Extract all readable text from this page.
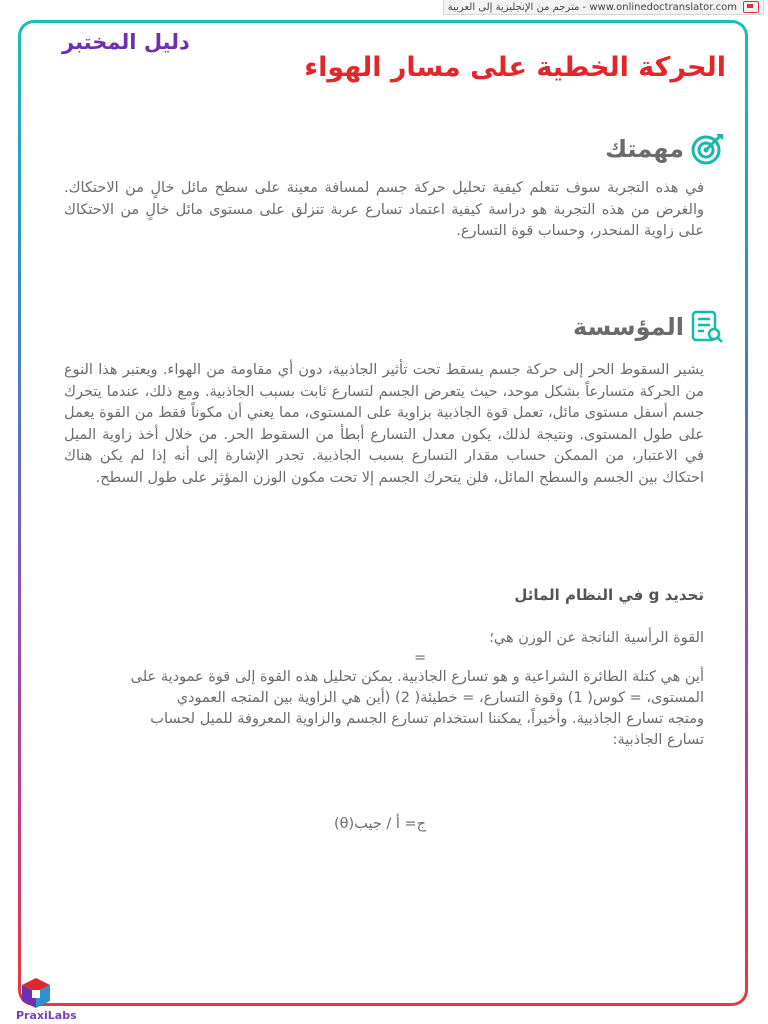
www.onlinedoctranslator.com - مترجم من الإنجليزية إلى العربية
دليل المختبر
الحركة الخطية على مسار الهواء
مهمتك
في هذه التجربة سوف تتعلم كيفية تحليل حركة جسم لمسافة معينة على سطح مائل خالٍ من الاحتكاك. والغرض من هذه التجربة هو دراسة كيفية اعتماد تسارع عربة تنزلق على مستوى مائل خالٍ من الاحتكاك على زاوية المنحدر، وحساب قوة التسارع.
المؤسسة
يشير السقوط الحر إلى حركة جسم يسقط تحت تأثير الجاذبية، دون أي مقاومة من الهواء. ويعتبر هذا النوع من الحركة متسارعاً بشكل موحد، حيث يتعرض الجسم لتسارع ثابت بسبب الجاذبية. ومع ذلك، عندما يتحرك جسم أسفل مستوى مائل، تعمل قوة الجاذبية بزاوية على المستوى، مما يعني أن مكوناً فقط من القوة يعمل على طول المستوى. ونتيجة لذلك، يكون معدل التسارع أبطأ من السقوط الحر. من خلال أخذ زاوية الميل في الاعتبار، من الممكن حساب مقدار التسارع بسبب الجاذبية. تجدر الإشارة إلى أنه إذا لم يكن هناك احتكاك بين الجسم والسطح المائل، فلن يتحرك الجسم إلا تحت مكون الوزن المؤثر على طول السطح.
تحديد g في النظام المائل
القوة الرأسية الناتجة عن الوزن هي؛
=
أين هي كتلة الطائرة الشراعية و هو تسارع الجاذبية. يمكن تحليل هذه القوة إلى قوة عمودية على
المستوى، = كوس( 1) وقوة التسارع، = خطيئة( 2) (أين هي الزاوية بين المتجه العمودي
ومتجه تسارع الجاذبية. وأخيراً، يمكننا استخدام تسارع الجسم والزاوية المعروفة للميل لحساب
تسارع الجاذبية:
ج= أ / جيب(θ)
PraxiLabs
